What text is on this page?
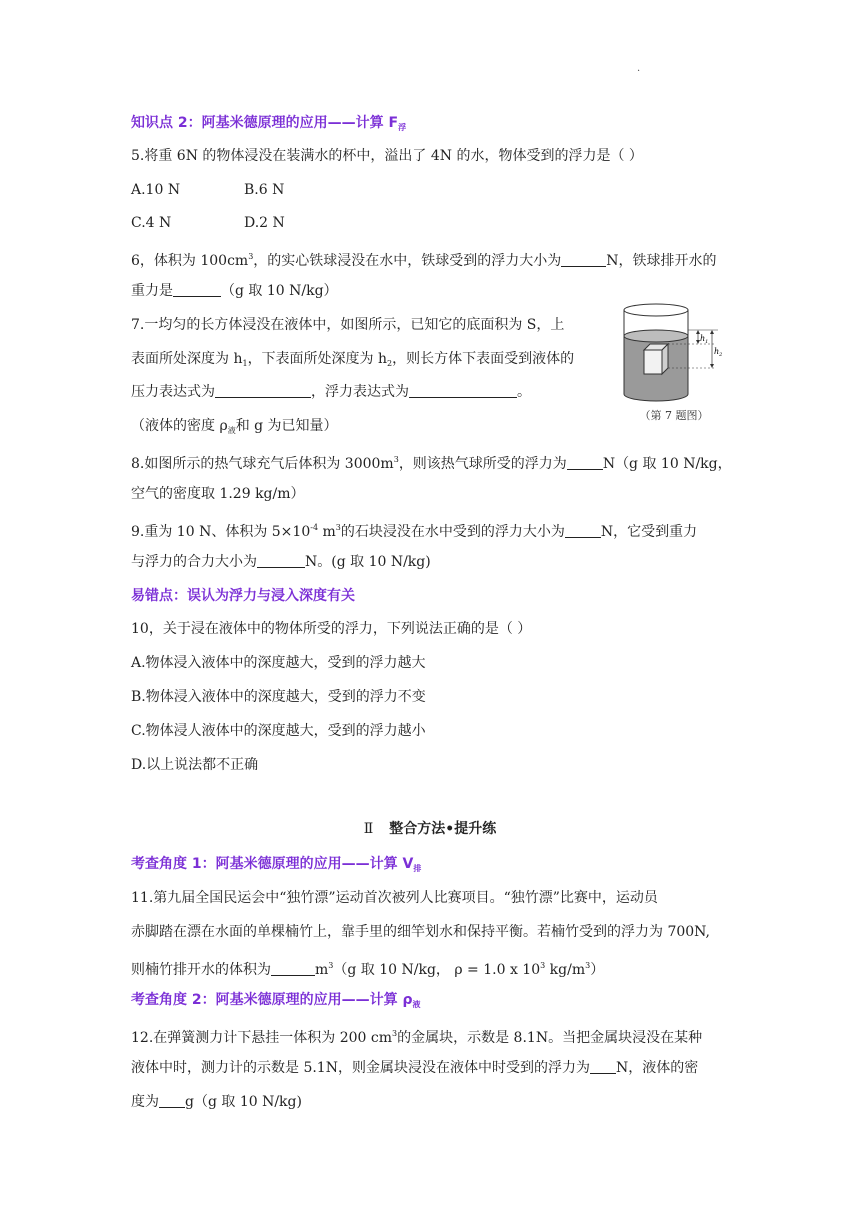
·
知识点 2：阿基米德原理的应用——计算 $F_浮$
5.将重 6N 的物体浸没在装满水的杯中，溢出了 4N 的水，物体受到的浮力是（ ）
A.10 N	B.6 N
C.4 N	D.2 N
6，体积为 $100cm^3$，的实心铁球浸没在水中，铁球受到的浮力大小为	N，铁球排开水的
重力是	（g 取 10 N/kg）
7.一均匀的长方体浸没在液体中，如图所示，已知它的底面积为 S，上
表面所处深度为 $h_1$，下表面所处深度为 $h_2$，则长方体下表面受到液体的
压力表达式为	，浮力表达式为	。
（液体的密度 $\rho_液$和 g 为已知量）
$h_1$
$h_2$
（第 7 题图）
8.如图所示的热气球充气后体积为 $3000m^3$，则该热气球所受的浮力为	N（g 取 10 N/kg，
空气的密度取 1.29 kg/m）
9.重为 10 N、体积为 $5\times 10^{-4}$ $m^3$的石块浸没在水中受到的浮力大小为	N，它受到重力
与浮力的合力大小为	N。(g 取 10 N/kg)
易错点：误认为浮力与浸入深度有关
10，关于浸在液体中的物体所受的浮力，下列说法正确的是（ ）
A.物体浸入液体中的深度越大，受到的浮力越大
B.物体浸入液体中的深度越大，受到的浮力不变
C.物体浸人液体中的深度越大，受到的浮力越小
D.以上说法都不正确
Ⅱ 整合方法•提升练
考查角度 1：阿基米德原理的应用——计算 $V_排$
11.第九届全国民运会中“独竹漂”运动首次被列人比赛项目。“独竹漂”比赛中，运动员
赤脚踏在漂在水面的单棵楠竹上，靠手里的细竿划水和保持平衡。若楠竹受到的浮力为 700N,
则楠竹排开水的体积为	$m^3(g$ 取 10 N/kg， ρ = 1.0 x $10^3$ $kg/m^3$）
考查角度 2：阿基米德原理的应用——计算 $\rho_液$
12.在弹簧测力计下悬挂一体积为 200 $cm^3$的金属块，示数是 8.1N。当把金属块浸没在某种
液体中时，测力计的示数是 5.1N，则金属块浸没在液体中时受到的浮力为 N，液体的密
度为 g（g 取 10 N/kg)
